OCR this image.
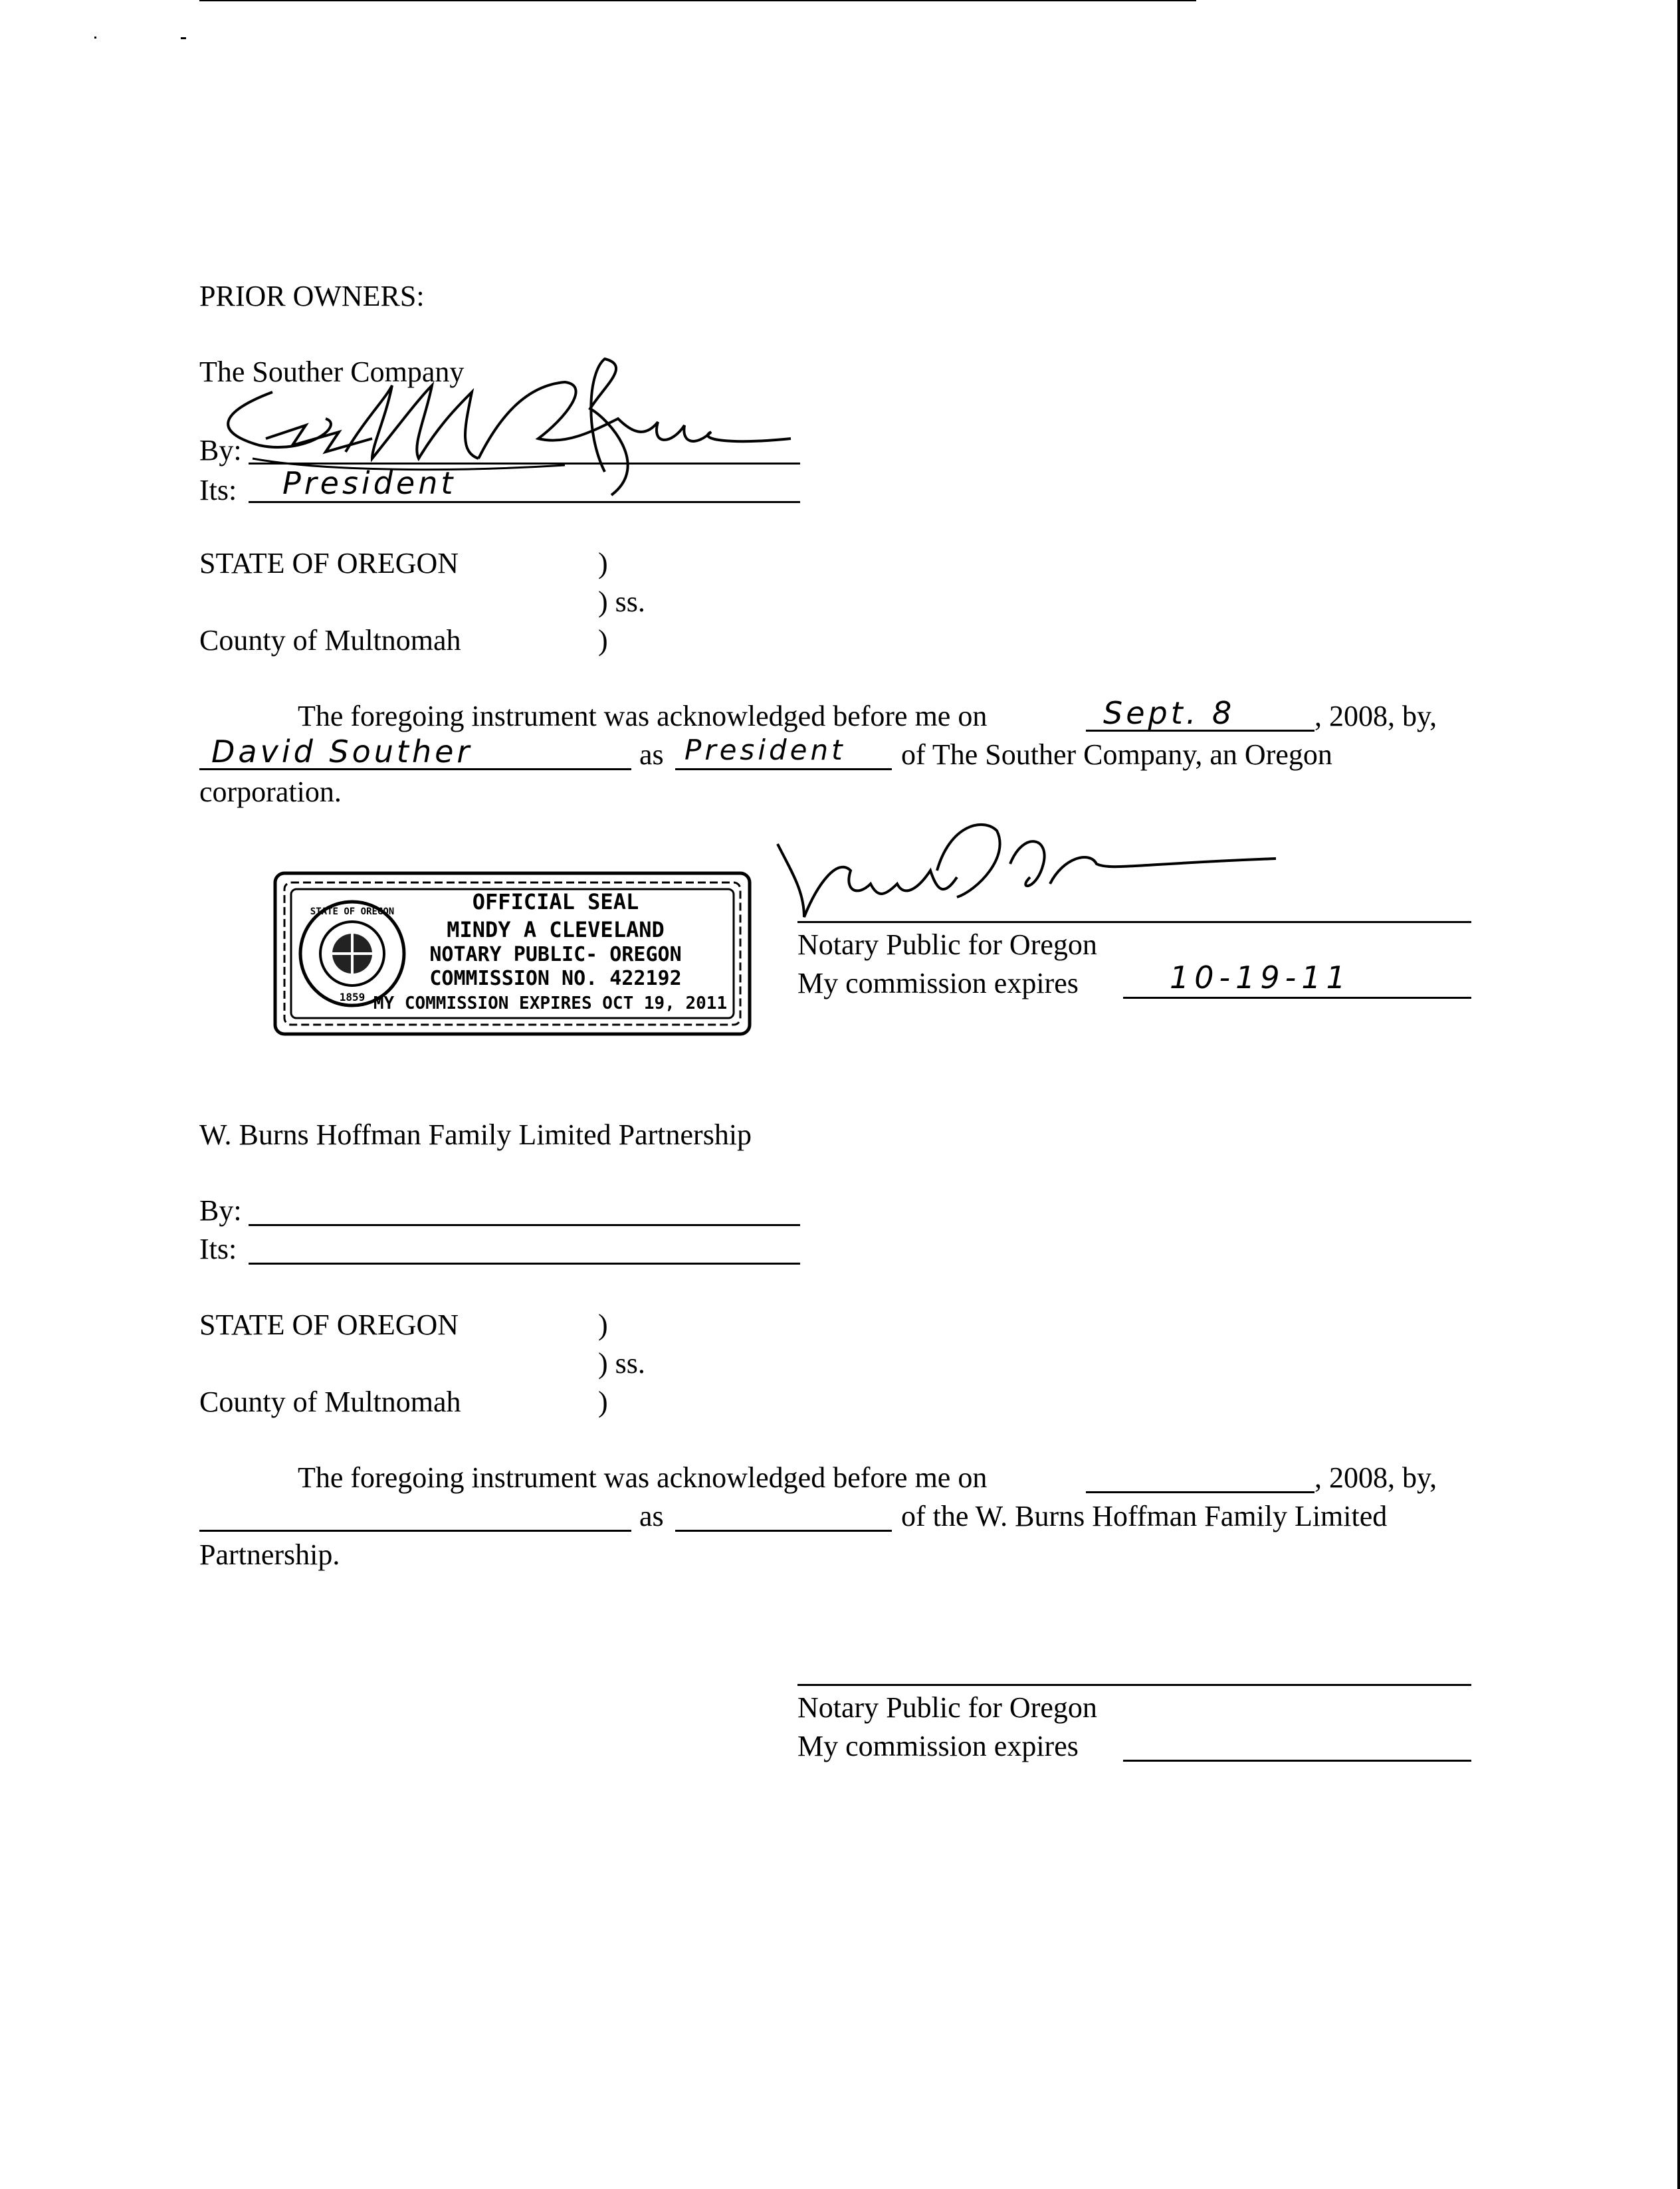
PRIOR OWNERS:
The Souther Company
By:
Its: President
STATE OF OREGON	)
) ss.
County of Multnomah	)
The foregoing instrument was acknowledged before me on	Sept. 8	, 2008, by,
David Souther	as President of The Souther Company, an Oregon
corporation.
STATE OF OREGON
1859
OFFICIAL SEAL
MINDY A CLEVELAND
NOTARY PUBLIC- OREGON
COMMISSION NO. 422192
MY COMMISSION EXPIRES OCT 19, 2011
Notary Public for Oregon
My commission expires	10-19-11
W. Burns Hoffman Family Limited Partnership
By:
Its:
STATE OF OREGON	)
) ss.
County of Multnomah	)
The foregoing instrument was acknowledged before me on	, 2008, by,
as	of the W. Burns Hoffman Family Limited
Partnership.
Notary Public for Oregon
My commission expires
